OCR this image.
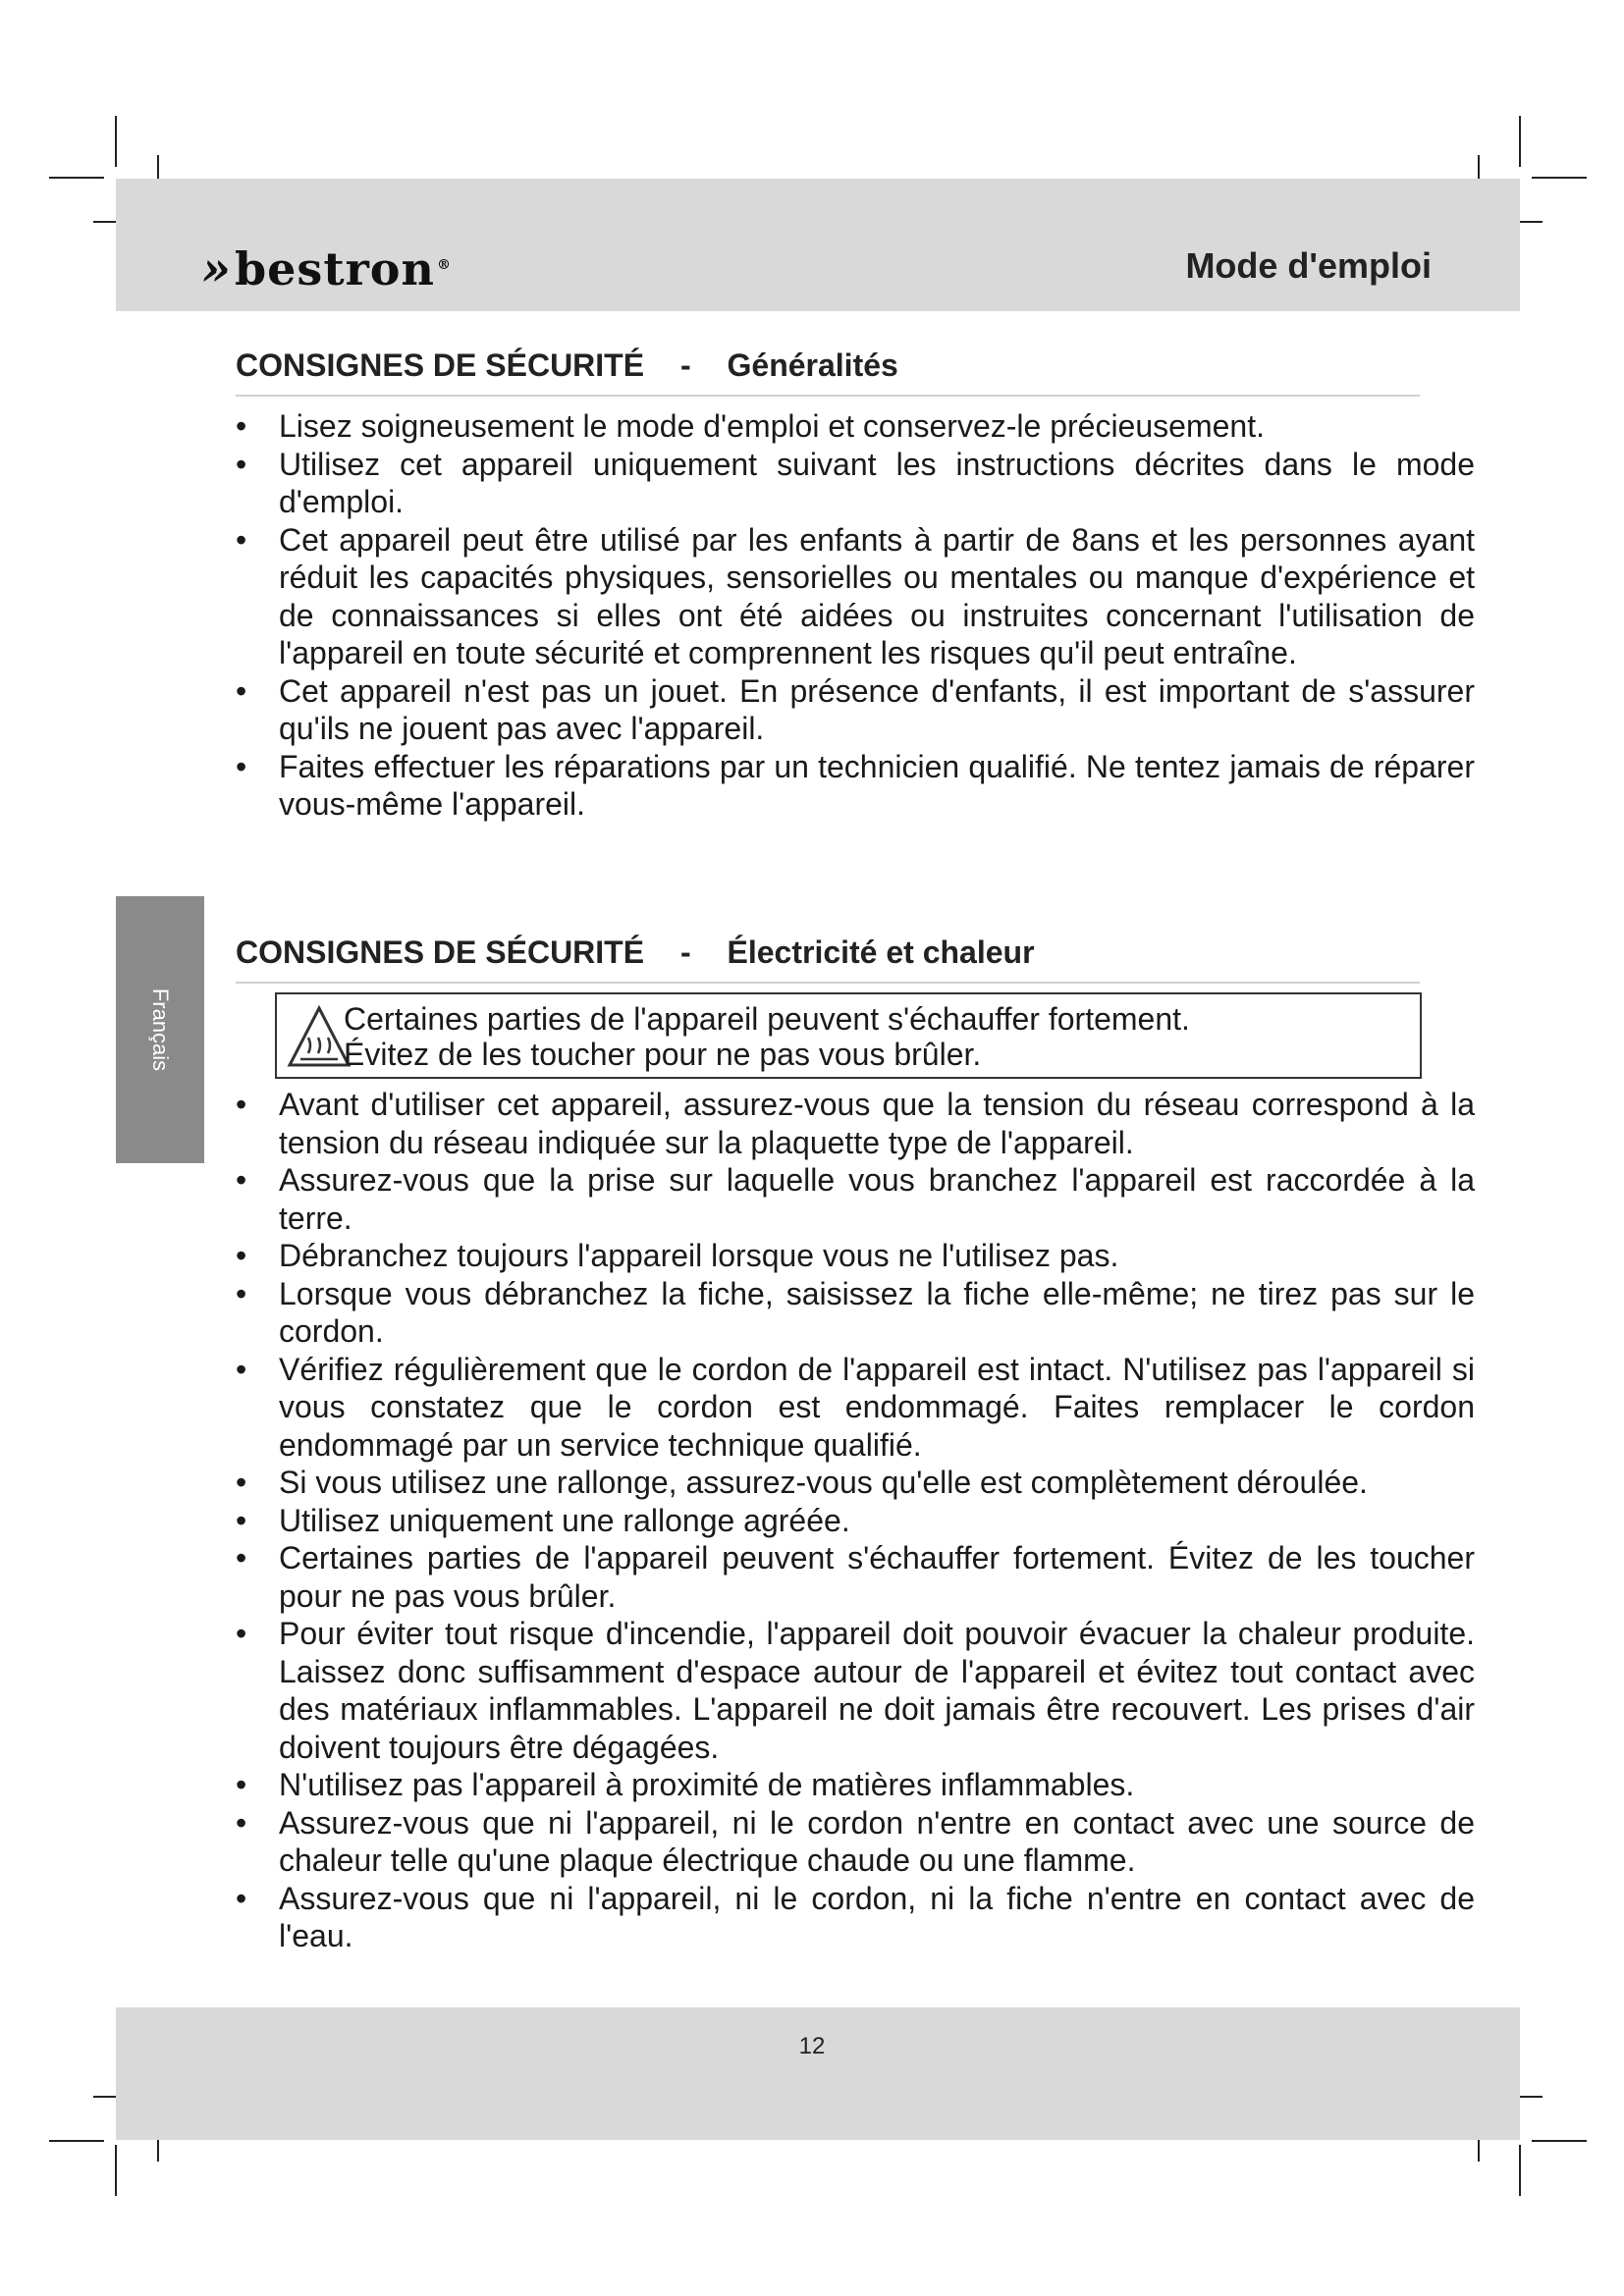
» bestron ®	Mode d'emploi
Français
CONSIGNES DE SÉCURITÉ - Généralités
• Lisez soigneusement le mode d'emploi et conservez-le précieusement.
• Utilisez cet appareil uniquement suivant les instructions décrites dans le mode d'emploi.
• Cet appareil peut être utilisé par les enfants à partir de 8ans et les personnes ayant réduit les capacités physiques, sensorielles ou mentales ou manque d'expérience et de connaissances si elles ont été aidées ou instruites concernant l'utilisation de l'appareil en toute sécurité et comprennent les risques qu'il peut entraîne.
• Cet appareil n'est pas un jouet. En présence d'enfants, il est important de s'assurer qu'ils ne jouent pas avec l'appareil.
• Faites effectuer les réparations par un technicien qualifié. Ne tentez jamais de réparer vous-même l'appareil.
CONSIGNES DE SÉCURITÉ - Électricité et chaleur
Certaines parties de l'appareil peuvent s'échauffer fortement.
Évitez de les toucher pour ne pas vous brûler.
• Avant d'utiliser cet appareil, assurez-vous que la tension du réseau correspond à la tension du réseau indiquée sur la plaquette type de l'appareil.
• Assurez-vous que la prise sur laquelle vous branchez l'appareil est raccordée à la terre.
• Débranchez toujours l'appareil lorsque vous ne l'utilisez pas.
• Lorsque vous débranchez la fiche, saisissez la fiche elle-même; ne tirez pas sur le cordon.
• Vérifiez régulièrement que le cordon de l'appareil est intact. N'utilisez pas l'appareil si vous constatez que le cordon est endommagé. Faites remplacer le cordon endommagé par un service technique qualifié.
• Si vous utilisez une rallonge, assurez-vous qu'elle est complètement déroulée.
• Utilisez uniquement une rallonge agréée.
• Certaines parties de l'appareil peuvent s'échauffer fortement. Évitez de les toucher pour ne pas vous brûler.
• Pour éviter tout risque d'incendie, l'appareil doit pouvoir évacuer la chaleur produite. Laissez donc suffisamment d'espace autour de l'appareil et évitez tout contact avec des matériaux inflammables. L'appareil ne doit jamais être recouvert. Les prises d'air doivent toujours être dégagées.
• N'utilisez pas l'appareil à proximité de matières inflammables.
• Assurez-vous que ni l'appareil, ni le cordon n'entre en contact avec une source de chaleur telle qu'une plaque électrique chaude ou une flamme.
• Assurez-vous que ni l'appareil, ni le cordon, ni la fiche n'entre en contact avec de l'eau.
12
